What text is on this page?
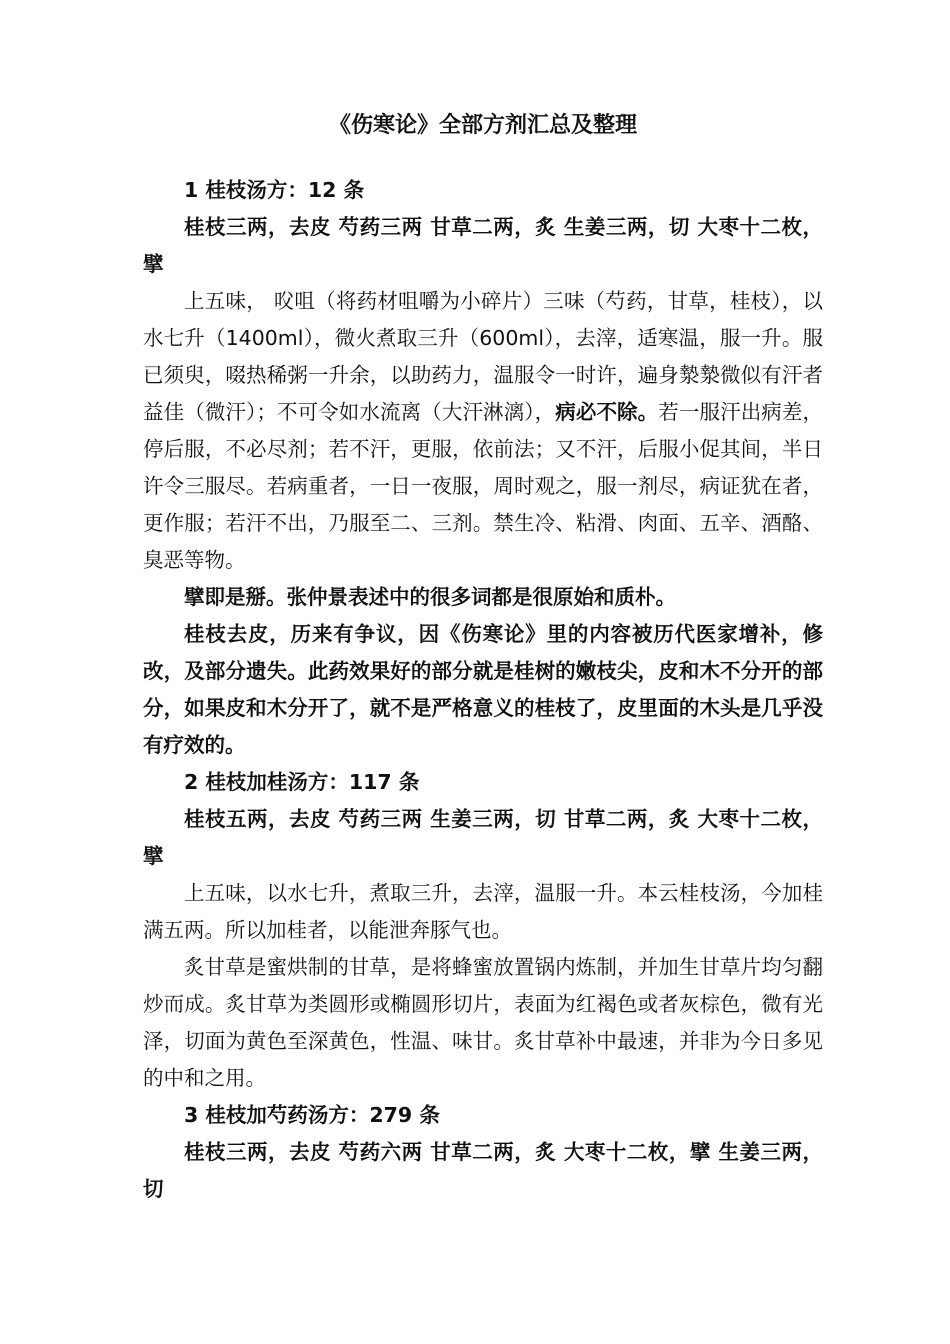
《伤寒论》全部方剂汇总及整理

1 桂枝汤方：12 条

桂枝三两，去皮 芍药三两 甘草二两，炙 生姜三两，切 大枣十二枚，擘

上五味， 㕮咀（将药材咀嚼为小碎片）三味（芍药，甘草，桂枝），以水七升（1400ml），微火煮取三升（600ml），去滓，适寒温，服一升。服已须臾，啜热稀粥一升余，以助药力，温服令一时许，遍身漐漐微似有汗者益佳（微汗）；不可令如水流离（大汗淋漓），病必不除。若一服汗出病差，停后服，不必尽剂；若不汗，更服，依前法；又不汗，后服小促其间，半日许令三服尽。若病重者，一日一夜服，周时观之，服一剂尽，病证犹在者，更作服；若汗不出，乃服至二、三剂。禁生冷、粘滑、肉面、五辛、酒酪、臭恶等物。

擘即是掰。张仲景表述中的很多词都是很原始和质朴。

桂枝去皮，历来有争议，因《伤寒论》里的内容被历代医家增补，修改，及部分遗失。此药效果好的部分就是桂树的嫩枝尖，皮和木不分开的部分，如果皮和木分开了，就不是严格意义的桂枝了，皮里面的木头是几乎没有疗效的。

2 桂枝加桂汤方：117 条

桂枝五两，去皮 芍药三两 生姜三两，切 甘草二两，炙 大枣十二枚，擘

上五味，以水七升，煮取三升，去滓，温服一升。本云桂枝汤，今加桂满五两。所以加桂者，以能泄奔豚气也。

炙甘草是蜜烘制的甘草，是将蜂蜜放置锅内炼制，并加生甘草片均匀翻炒而成。炙甘草为类圆形或椭圆形切片，表面为红褐色或者灰棕色，微有光泽，切面为黄色至深黄色，性温、味甘。炙甘草补中最速，并非为今日多见的中和之用。

3 桂枝加芍药汤方：279 条

桂枝三两，去皮 芍药六两 甘草二两，炙 大枣十二枚，擘 生姜三两，切
